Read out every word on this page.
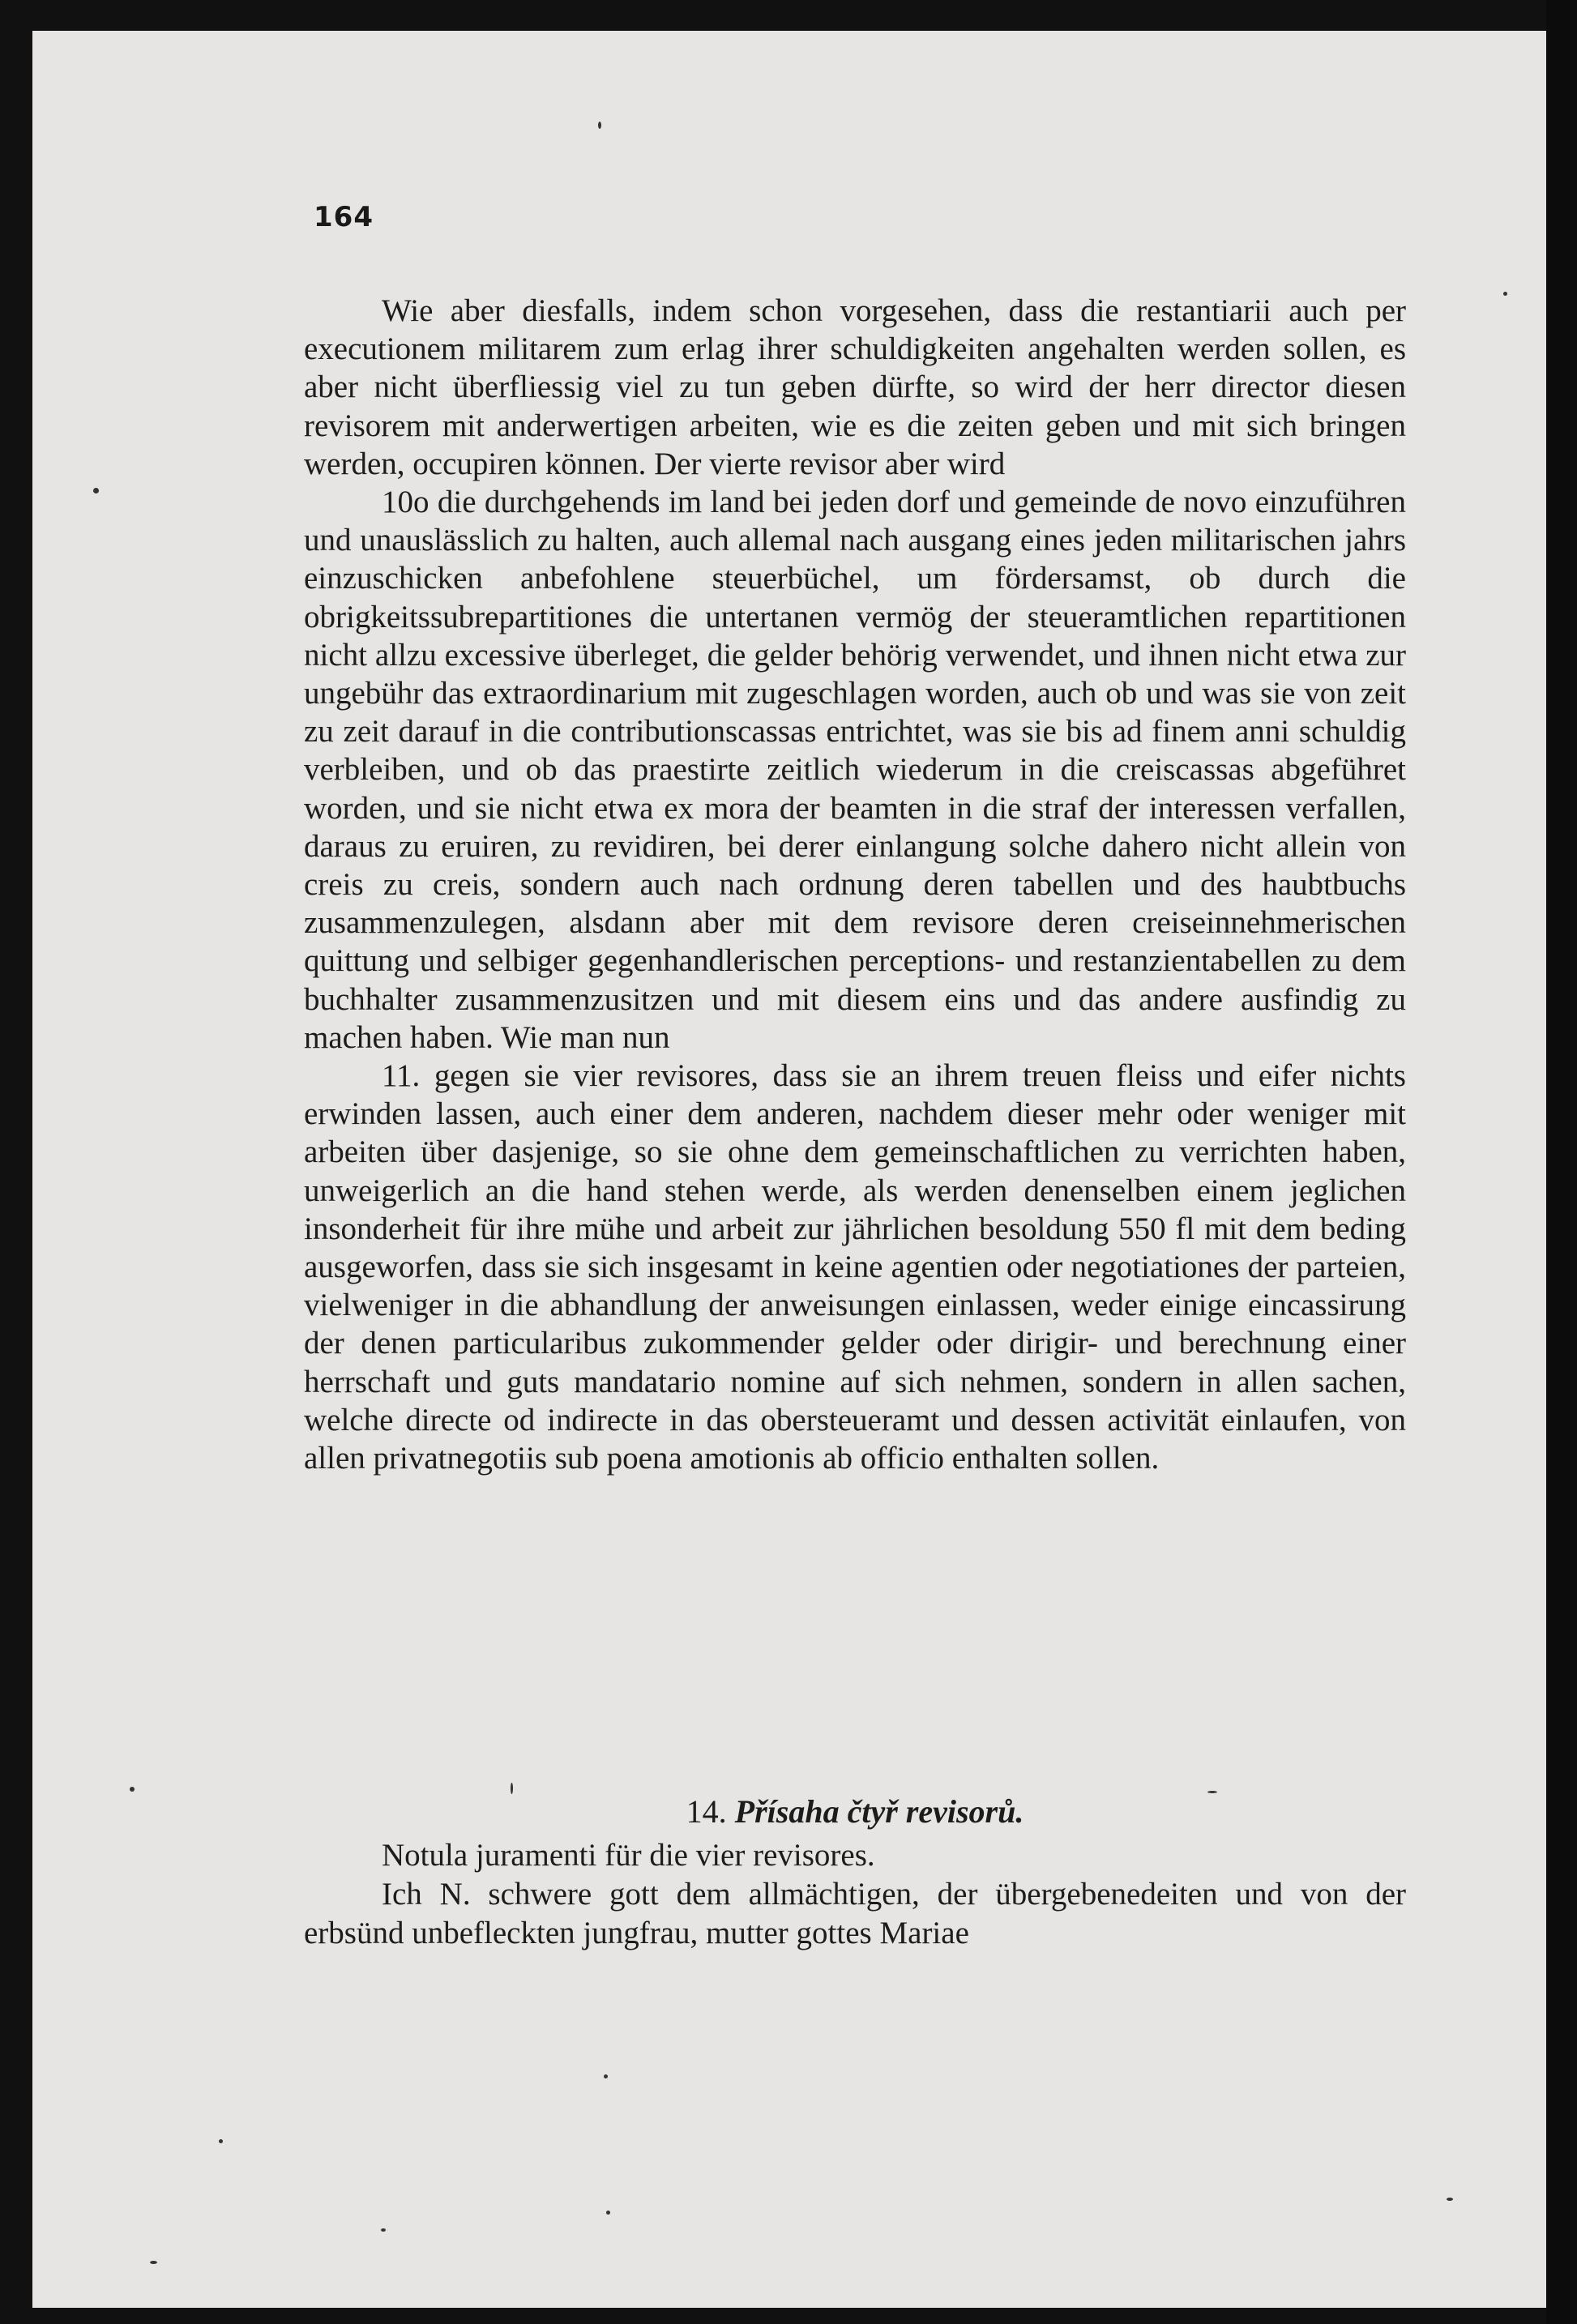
164

Wie aber diesfalls, indem schon vorgesehen, dass die restantiarii auch per executionem militarem zum erlag ihrer schuldigkeiten angehalten werden sollen, es aber nicht überfliessig viel zu tun geben dürfte, so wird der herr director diesen revisorem mit anderwertigen arbeiten, wie es die zeiten geben und mit sich bringen werden, occupiren können. Der vierte revisor aber wird

10o die durchgehends im land bei jeden dorf und gemeinde de novo einzuführen und unauslässlich zu halten, auch allemal nach ausgang eines jeden militarischen jahrs einzuschicken anbefohlene steuerbüchel, um fördersamst, ob durch die obrigkeitssubrepartitiones die untertanen vermög der steueramtlichen repartitionen nicht allzu excessive überleget, die gelder behörig verwendet, und ihnen nicht etwa zur ungebühr das extraordinarium mit zugeschlagen worden, auch ob und was sie von zeit zu zeit darauf in die contributionscassas entrichtet, was sie bis ad finem anni schuldig verbleiben, und ob das praestirte zeitlich wiederum in die creiscassas abgeführet worden, und sie nicht etwa ex mora der beamten in die straf der interessen verfallen, daraus zu eruiren, zu revidiren, bei derer einlangung solche dahero nicht allein von creis zu creis, sondern auch nach ordnung deren tabellen und des haubtbuchs zusammenzulegen, alsdann aber mit dem revisore deren creiseinnehmerischen quittung und selbiger gegenhandlerischen perceptions- und restanzientabellen zu dem buchhalter zusammenzusitzen und mit diesem eins und das andere ausfindig zu machen haben. Wie man nun

11. gegen sie vier revisores, dass sie an ihrem treuen fleiss und eifer nichts erwinden lassen, auch einer dem anderen, nachdem dieser mehr oder weniger mit arbeiten über dasjenige, so sie ohne dem gemeinschaftlichen zu verrichten haben, unweigerlich an die hand stehen werde, als werden denenselben einem jeglichen insonderheit für ihre mühe und arbeit zur jährlichen besoldung 550 fl mit dem beding ausgeworfen, dass sie sich insgesamt in keine agentien oder negotiationes der parteien, vielweniger in die abhandlung der anweisungen einlassen, weder einige eincassirung der denen particularibus zukommender gelder oder dirigir- und berechnung einer herrschaft und guts mandatario nomine auf sich nehmen, sondern in allen sachen, welche directe od indirecte in das obersteueramt und dessen activität einlaufen, von allen privatnegotiis sub poena amotionis ab officio enthalten sollen.

14. Přísaha čtyř revisorů.

Notula juramenti für die vier revisores.

Ich N. schwere gott dem allmächtigen, der übergebenedeiten und von der erbsünd unbefleckten jungfrau, mutter gottes Mariae
